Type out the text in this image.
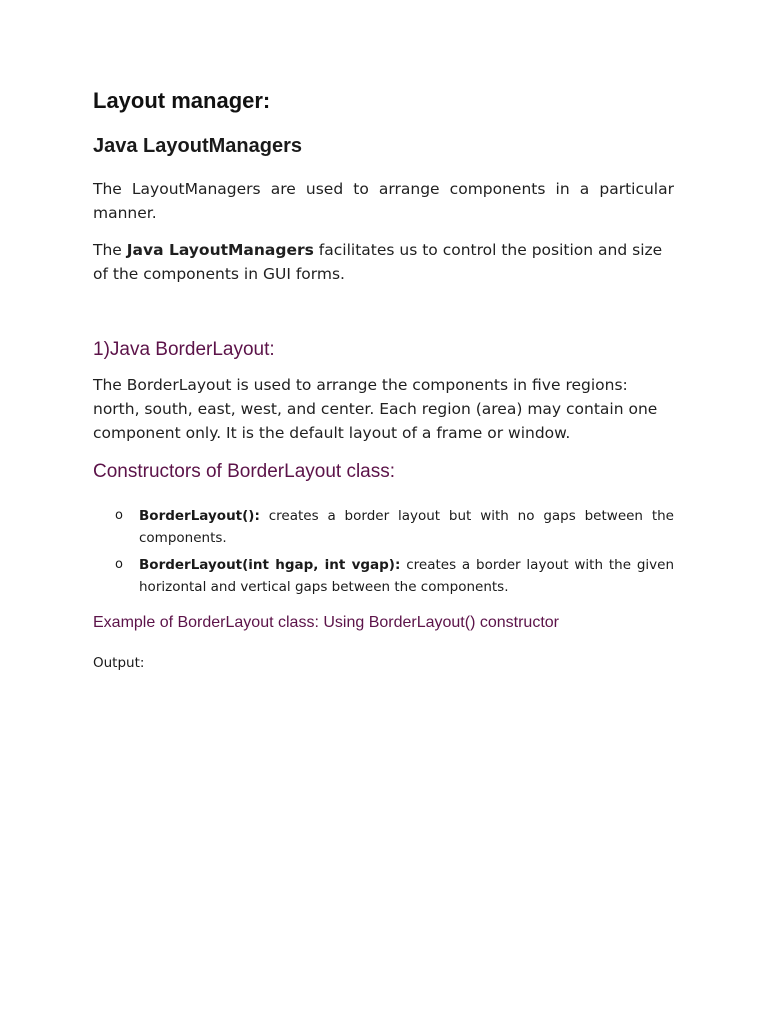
Layout manager:
Java LayoutManagers

The LayoutManagers are used to arrange components in a particular manner.

The Java LayoutManagers facilitates us to control the position and size of the components in GUI forms.

1)Java BorderLayout:

The BorderLayout is used to arrange the components in five regions: north, south, east, west, and center. Each region (area) may contain one component only. It is the default layout of a frame or window.

Constructors of BorderLayout class:
o BorderLayout(): creates a border layout but with no gaps between the components.
o BorderLayout(int hgap, int vgap): creates a border layout with the given horizontal and vertical gaps between the components.
Example of BorderLayout class: Using BorderLayout() constructor

Output:
